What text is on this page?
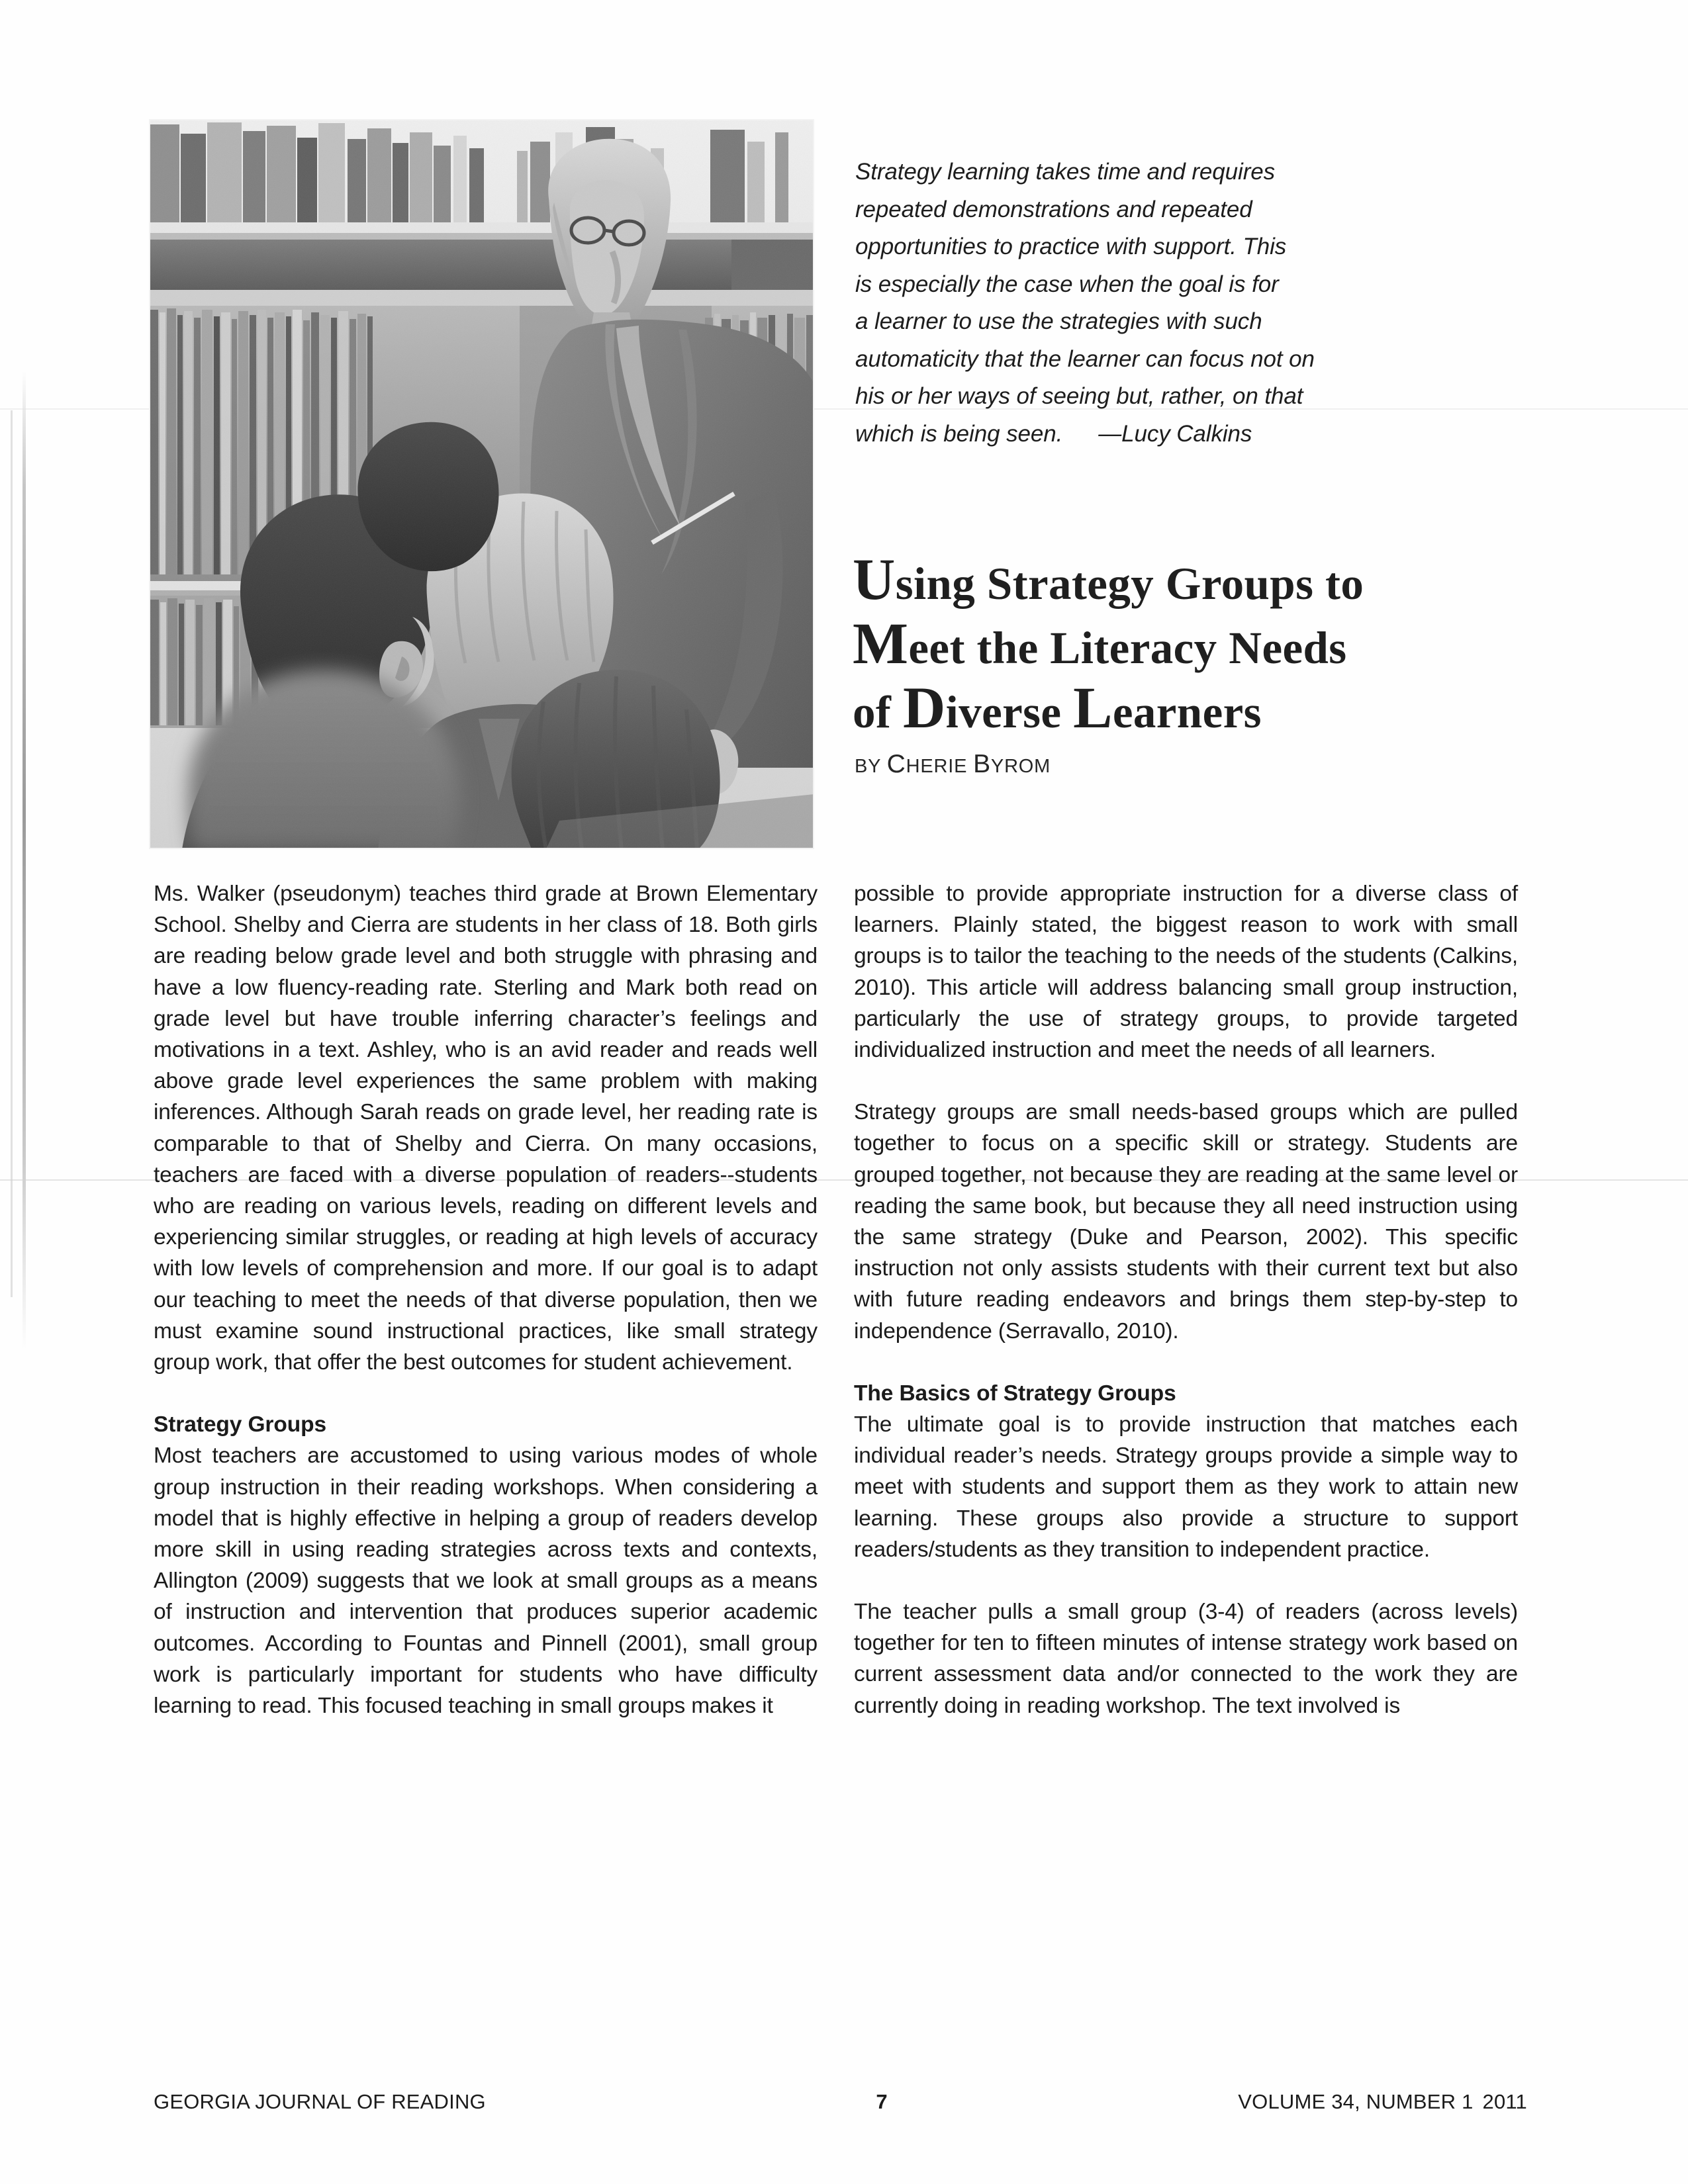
Strategy learning takes time and requires
repeated demonstrations and repeated
opportunities to practice with support. This
is especially the case when the goal is for
a learner to use the strategies with such
automaticity that the learner can focus not on
his or her ways of seeing but, rather, on that
which is being seen. —Lucy Calkins
Using Strategy Groups to
Meet the Literacy Needs
of Diverse Learners
BY CHERIE BYROM

Ms. Walker (pseudonym) teaches third grade at Brown Elementary School. Shelby and Cierra are students in her class of 18. Both girls are reading below grade level and both struggle with phrasing and have a low fluency-reading rate. Sterling and Mark both read on grade level but have trouble inferring character’s feelings and motivations in a text. Ashley, who is an avid reader and reads well above grade level experiences the same problem with making inferences. Although Sarah reads on grade level, her reading rate is comparable to that of Shelby and Cierra. On many occasions, teachers are faced with a diverse population of readers--students who are reading on various levels, reading on different levels and experiencing similar struggles, or reading at high levels of accuracy with low levels of comprehension and more. If our goal is to adapt our teaching to meet the needs of that diverse population, then we must examine sound instructional practices, like small strategy group work, that offer the best outcomes for student achievement.

Strategy Groups

Most teachers are accustomed to using various modes of whole group instruction in their reading workshops. When considering a model that is highly effective in helping a group of readers develop more skill in using reading strategies across texts and contexts, Allington (2009) suggests that we look at small groups as a means of instruction and intervention that produces superior academic outcomes. According to Fountas and Pinnell (2001), small group work is particularly important for students who have difficulty learning to read. This focused teaching in small groups makes it

possible to provide appropriate instruction for a diverse class of learners. Plainly stated, the biggest reason to work with small groups is to tailor the teaching to the needs of the students (Calkins, 2010). This article will address balancing small group instruction, particularly the use of strategy groups, to provide targeted individualized instruction and meet the needs of all learners.

Strategy groups are small needs-based groups which are pulled together to focus on a specific skill or strategy. Students are grouped together, not because they are reading at the same level or reading the same book, but because they all need instruction using the same strategy (Duke and Pearson, 2002). This specific instruction not only assists students with their current text but also with future reading endeavors and brings them step-by-step to independence (Serravallo, 2010).

The Basics of Strategy Groups

The ultimate goal is to provide instruction that matches each individual reader’s needs. Strategy groups provide a simple way to meet with students and support them as they work to attain new learning. These groups also provide a structure to support readers/students as they transition to independent practice.

The teacher pulls a small group (3-4) of readers (across levels) together for ten to fifteen minutes of intense strategy work based on current assessment data and/or connected to the work they are currently doing in reading workshop. The text involved is

GEORGIA JOURNAL OF READING	7	VOLUME 34, NUMBER 1 2011
